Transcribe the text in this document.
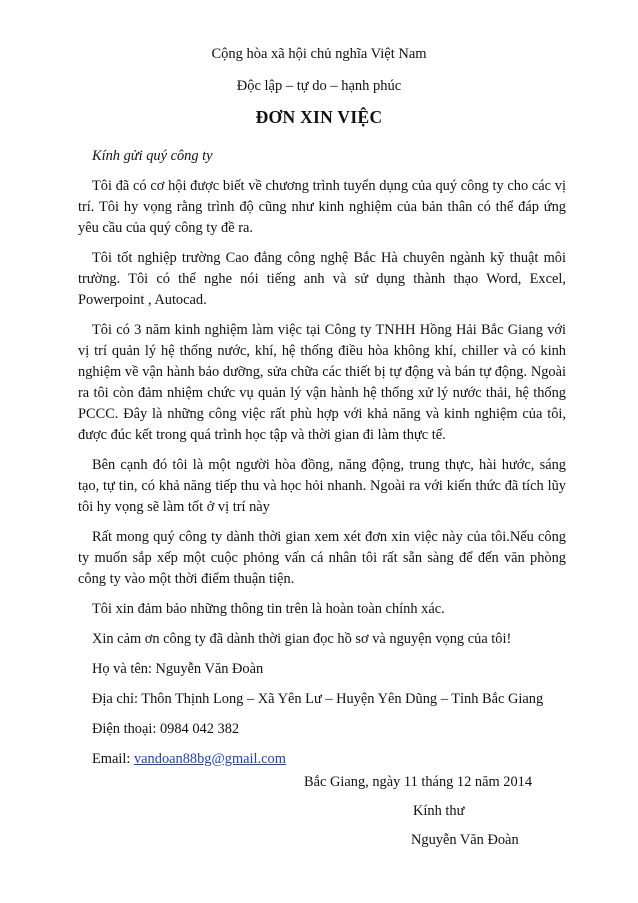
Cộng hòa xã hội chủ nghĩa Việt Nam

Độc lập – tự do – hạnh phúc

ĐƠN XIN VIỆC

Kính gửi quý công ty

Tôi đã có cơ hội được biết về chương trình tuyển dụng của quý công ty cho các vị trí. Tôi hy vọng rằng trình độ cũng như kinh nghiệm của bản thân có thể đáp ứng yêu cầu của quý công ty đề ra.

Tôi tốt nghiệp trường Cao đẳng công nghệ Bắc Hà chuyên ngành kỹ thuật môi trường. Tôi có thể nghe nói tiếng anh và sử dụng thành thạo Word, Excel, Powerpoint , Autocad.

Tôi có 3 năm kinh nghiệm làm việc tại Công ty TNHH Hồng Hải Bắc Giang với vị trí quản lý hệ thống nước, khí, hệ thống điều hòa không khí, chiller và có kinh nghiệm về vận hành bảo dưỡng, sửa chữa các thiết bị tự động và bán tự động. Ngoài ra tôi còn đảm nhiệm chức vụ quản lý vận hành hệ thống xử lý nước thải, hệ thống PCCC. Đây là những công việc rất phù hợp với khả năng và kinh nghiệm của tôi, được đúc kết trong quá trình học tập và thời gian đi làm thực tế.

Bên cạnh đó tôi là một người hòa đồng, năng động, trung thực, hài hước, sáng tạo, tự tin, có khả năng tiếp thu và học hỏi nhanh. Ngoài ra với kiến thức đã tích lũy tôi hy vọng sẽ làm tốt ở vị trí này

Rất mong quý công ty dành thời gian xem xét đơn xin việc này của tôi.Nếu công ty muốn sắp xếp một cuộc phỏng vấn cá nhân tôi rất sẵn sàng để đến văn phòng công ty vào một thời điểm thuận tiện.

Tôi xin đảm bảo những thông tin trên là hoàn toàn chính xác.

Xin cảm ơn công ty đã dành thời gian đọc hồ sơ và nguyện vọng của tôi!

Họ và tên: Nguyễn Văn Đoàn

Địa chỉ: Thôn Thịnh Long – Xã Yên Lư – Huyện Yên Dũng – Tỉnh Bắc Giang

Điện thoại: 0984 042 382

Email: vandoan88bg@gmail.com

Bắc Giang, ngày 11 tháng 12 năm 2014

Kính thư

Nguyễn Văn Đoàn
